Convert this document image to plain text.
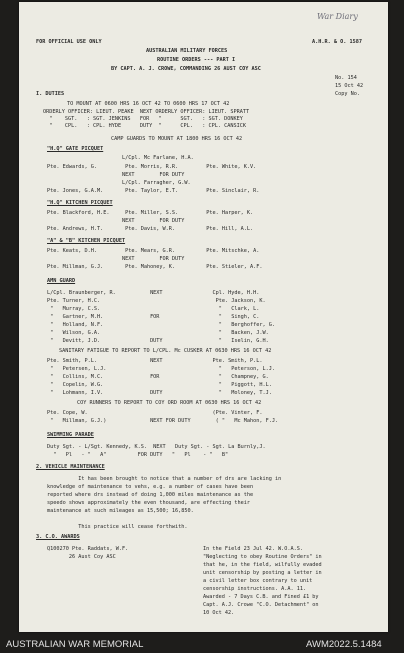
War Diary
FOR OFFICIAL USE ONLY	A.H.R. & O. 1587
AUSTRALIAN MILITARY FORCES
ROUTINE ORDERS --- PART I
BY CAPT. A. J. CROWE, COMMANDING 26 AUST COY ASC
No. 154
15 Oct 42
Copy No.
I. DUTIES
TO MOUNT AT 0600 HRS 16 OCT 42 TO 0600 HRS 17 OCT 42
ORDERLY OFFICER: LIEUT. PEAKE  NEXT ORDERLY OFFICER: LIEUT. SPRATT
"    SGT.   : SGT. JENKINS   FOR   "      SGT.   : SGT. DONKEY
"    CPL.   : CPL. HYDE      DUTY  "      CPL.   : CPL. CANSICK
CAMP GUARDS TO MOUNT AT 1800 HRS 16 OCT 42
"H.Q" GATE PICQUET
L/Cpl. Mc Farlane, H.A.
Pte. Edwards, G.         Pte. Morris, R.R.         Pte. White, K.V.
NEXT        FOR DUTY
L/Cpl. Farragher, G.W.
Pte. Jones, G.A.M.       Pte. Taylor, E.T.         Pte. Sinclair, R.
"H.Q" KITCHEN PICQUET
Pte. Blackford, H.E.     Pte. Miller, S.S.         Pte. Harper, K.
NEXT        FOR DUTY
Pte. Andrews, H.T.       Pte. Davis, W.R.          Pte. Hill, A.L.
"A" & "B" KITCHEN PICQUET
Pte. Keats, D.H.         Pte. Mears, G.R.          Pte. Mitschke, A.
NEXT        FOR DUTY
Pte. Millman, G.J.       Pte. Mahoney, K.          Pte. Stieler, A.F.
AMN GUARD
L/Cpl. Braunberger, R.           NEXT                Cpl. Hyde, H.H.
Pte. Turner, H.C.                                     Pte. Jackson, K.
"   Murray, C.S.                                      "   Clark, L.
"   Gartner, M.H.               FOR                   "   Singh, C.
"   Holland, N.F.                                     "   Berghoffer, G.
"   Wilson, G.A.                                      "   Backen, J.W.
"   Devitt, J.D.                DUTY                  "   Iselin, G.H.
SANITARY FATIGUE TO REPORT TO L/CPL. Mc CUSKER AT 0630 HRS 16 OCT 42
Pte. Smith, P.L.                 NEXT                Pte. Smith, P.L.
"   Petersen, L.J.                                    "   Peterson, L.J.
"   Collins, M.C.               FOR                   "   Champney, G.
"   Copelin, W.G.                                     "   Piggott, H.L.
"   Lohmann, I.V.               DUTY                  "   Moloney, T.J.
COY RUNNERS TO REPORT TO COY ORD ROOM AT 0630 HRS 16 OCT 42
Pte. Cope, W.                                        (Pte. Vinter, F.
"   Millman, G.J.)              NEXT FOR DUTY        ( "   Mc Mahon, F.J.
SWIMMING PARADE
Duty Sgt. - L/Sgt. Kennedy, K.S.  NEXT   Duty Sgt. - Sgt. La Burnly,J.
"   Pl   - "   A"          FOR DUTY   "   Pl    - "   B"
2. VEHICLE MAINTENANCE
It has been brought to notice that a number of drs are lacking in
knowledge of maintenance to vehs, e.g. a number of cases have been
reported where drs instead of doing 1,000 miles maintenance as the
speedo shows approximately the even thousand, are effecting their
maintenance at such mileages as 15,500; 16,850.
This practice will cease forthwith.
3. C.O. AWARDS
Q100270 Pte. Raddats, W.F.
26 Aust Coy ASC
In the Field 23 Jul 42. W.O.A.S.
"Neglecting to obey Routine Orders" in
that he, in the field, wilfully evaded
unit censorship by posting a letter in
a civil letter box contrary to unit
censorship instructions. A.A. 11.
Awarded - 7 Days C.B. and Fined £1 by
Capt. A.J. Crowe "C.O. Detachment" on
10 Oct 42.
AUSTRALIAN WAR MEMORIAL	AWM2022.5.1484
